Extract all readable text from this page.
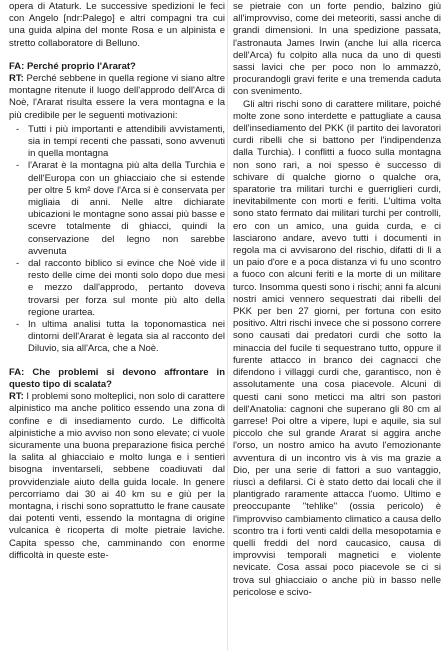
opera di Ataturk. Le successive spedizioni le feci con Angelo [ndr:Palego] e altri compagni tra cui una guida alpina del monte Rosa e un alpinista e stretto collaboratore di Belluno.

FA: Perché proprio l'Ararat?

RT: Perché sebbene in quella regione vi siano altre montagne ritenute il luogo dell'approdo dell'Arca di Noè, l'Ararat risulta essere la vera montagna e la più credibile per le seguenti motivazioni:

- Tutti i più importanti e attendibili avvistamenti, sia in tempi recenti che passati, sono avvenuti in quella montagna
- l'Ararat è la montagna più alta della Turchia e dell'Europa con un ghiacciaio che si estende per oltre 5 km² dove l'Arca si è conservata per migliaia di anni. Nelle altre dichiarate ubicazioni le montagne sono assai più basse e scevre totalmente di ghiacci, quindi la conservazione del legno non sarebbe avvenuta
- dal racconto biblico si evince che Noè vide il resto delle cime dei monti solo dopo due mesi e mezzo dall'approdo, pertanto doveva trovarsi per forza sul monte più alto della regione urartea.
- In ultima analisi tutta la toponomastica nei dintorni dell'Ararat è legata sia al racconto del Diluvio, sia all'Arca, che a Noè.

FA: Che problemi si devono affrontare in questo tipo di scalata?

RT: I problemi sono molteplici, non solo di carattere alpinistico ma anche politico essendo una zona di confine e di insediamento curdo. Le difficoltà alpinistiche a mio avviso non sono elevate; ci vuole sicuramente una buona preparazione fisica perché la salita al ghiacciaio e molto lunga e i sentieri bisogna inventarseli, sebbene coadiuvati dal provvidenziale aiuto della guida locale. In genere percorriamo dai 30 ai 40 km su e giù per la montagna, i rischi sono soprattutto le frane causate dai potenti venti, essendo la montagna di origine vulcanica è ricoperta di molte pietraie laviche. Capita spesso che, camminando con enorme difficoltà in queste este-

se pietraie con un forte pendio, balzino giù all'improvviso, come dei meteoriti, sassi anche di grandi dimensioni. In una spedizione passata, l'astronauta James Irwin (anche lui alla ricerca dell'Arca) fu colpito alla nuca da uno di questi sassi lavici che per poco non lo ammazzò, procurandogli gravi ferite e una tremenda caduta con svenimento.

Gli altri rischi sono di carattere militare, poiché molte zone sono interdette e pattugliate a causa dell'insediamento del PKK (il partito dei lavoratori curdi ribelli che si battono per l'indipendenza dalla Turchia). I conflitti a fuoco sulla montagna non sono rari, a noi spesso è successo di schivare di qualche giorno o qualche ora, sparatorie tra militari turchi e guerriglieri curdi, inevitabilmente con morti e feriti. L'ultima volta sono stato fermato dai militari turchi per controlli, ero con un amico, una guida curda, e ci lasciarono andare, avevo tutti i documenti in regola ma ci avvisarono del rischio, difatti di lì a un paio d'ore e a poca distanza vi fu uno scontro a fuoco con alcuni feriti e la morte di un militare turco. Insomma questi sono i rischi; anni fa alcuni nostri amici vennero sequestrati dai ribelli del PKK per ben 27 giorni, per fortuna con esito positivo. Altri rischi invece che si possono correre sono causati dai predatori curdi che sotto la minaccia del fucile ti sequestrano tutto, oppure il furente attacco in branco dei cagnacci che difendono i villaggi curdi che, garantisco, non è assolutamente una cosa piacevole. Alcuni di questi cani sono meticci ma altri son pastori dell'Anatolia: cagnoni che superano gli 80 cm al garrese! Poi oltre a vipere, lupi e aquile, sia sul piccolo che sul grande Ararat si aggira anche l'orso, un nostro amico ha avuto l'emozionante avventura di un incontro vis à vis ma grazie a Dio, per una serie di fattori a suo vantaggio, riuscì a defilarsi. Ci è stato detto dai locali che il plantigrado raramente attacca l'uomo. Ultimo e preoccupante "tehlike" (ossia pericolo) è l'improvviso cambiamento climatico a causa dello scontro tra i forti venti caldi della mesopotamia e quelli freddi del nord caucasico, causa di improvvisi temporali magnetici e violente nevicate. Cosa assai poco piacevole se ci si trova sul ghiacciaio o anche più in basso nelle pericolose e scivo-
